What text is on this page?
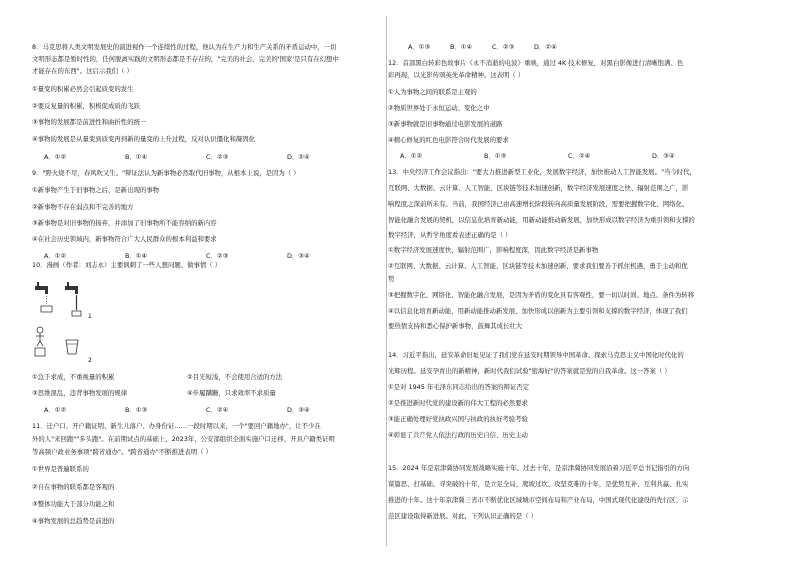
8．马克思将人类文明发展史的演进视作一个连续性的过程，他认为在生产力和生产关系的矛盾运动中，一切
文明形态都是暂时性的，任何脱离实践的文明形态都是不存在的，"完美的社会，完美的'国家'是只有在幻想中
才能存在的东西"。这启示我们（ ）
①量变的积累必然会引起质变的发生
②要反复量的积累，积极促成质的飞跃
③事物的发展都是前进性和曲折性的统一
④事物的发展是从量变到质变再到新的量变的上升过程，反对认识僵化和凝固化
A．①②	B．①④	C．②③	D．②④
9．"野火烧不尽，春风吹又生。"辩证法认为新事物必然取代旧事物，从根本上说，是因为（ ）
①新事物产生于旧事物之后，是新出现的事物
②新事物不存在弱点和不完善的地方
③新事物是对旧事物的扬弃，并添加了旧事物所不能容纳的新内容
④在社会历史领域内，新事物符合广大人民群众的根本利益和要求
A．①②	B．①④	C．②③	D．③④
10．漫画（作者：刘志永）主要讽刺了一些人想问题、做事情（ ）
1
2
①急于求成，不重视量的积累	②目光短浅，不会使用合适的方法
③思维混乱，违背事物发展的规律	④步履蹒跚，只求效率不求质量
A．①②	B．①③	C．②④	D．③④
11．迁户口、开户籍证明、新生儿落户、办身份证……一段时期以来，一个"要回户籍地办"，让不少在
外的人"来回跑""多头跑"。在前期试点的基础上，2023年，公安部组织全面实施户口迁移、开具户籍类证明
等高频户政业务事项"跨省通办"。"跨省通办"不断推进表明（ ）
①世界是普遍联系的
②自在事物的联系都是客观的
③整体功能大于部分功能之和
④事物发展的总趋势是前进的
A．①③	B．①④	C．②③	D．②④
12．首部黑白转彩色故事片《永不消逝的电波》重映，通过 4K 技术修复，对黑白影像进行清晰饱满、色
彩再现，以光影传颂英先革命精神。这表明（ ）
①人为事物之间的联系是主观的
②物质世界处于永恒运动、变化之中
③新事物就是旧事物通过电影发展的道路
④精心修复的红色电影符合时代发展的要求
A．①②	B．①③	C．②④	D．③④
13．中央经济工作会议指出："要大力推进新型工业化，发展数字经济，加快推动人工智能发展。"当今时代，
互联网、大数据、云计算、人工智能、区块链等技术加速创新，数字经济发展速度之快、辐射范围之广，影
响程度之深前所未有。当前，我国经济已由高速增长阶段转向高质量发展阶段，需要把握数字化、网络化、
智能化融合发展的契机，以信息化培育新动能，用新动能推动新发展，加快形成以数字经济为重引领和支撑的
数字经济，从哲学角度看表述正确的是（ ）
①数字经济发展速度快、辐射范围广，影响程度深，因此数字经济是新事物
②互联网、大数据、云计算、人工智能、区块链等技术加速创新，要求我们要善于抓住机遇，勇于主动和优
势
③把握数字化、网络化、智能化融合发展，是因为矛盾的变化具有客观性，要一切以时间、地点、条件为转移
④以信息化培育新动能，用新动能推动新发展，加快形成以创新为主要引领和支撑的数字经济，体现了我们
要热情支持和悉心保护新事物，鼓舞其成长壮大
14．习近平指出，延安革命旧址见证了我们党在延安时期领导中国革命、探索马克思主义中国化时代化的
光辉历程。延安孕育出的新精神，新时代我们试验"密海好"的答案就是党的自我革命。这一答案（ ）
①是对 1945 年毛泽东同志给出的答案的辩证否定
②是推进新时代党的建设新的伟大工程的必然要求
③能正确处理好党执政兴国与执政的执好考验考验
④彰显了共产党人依法行政的历史自信、历史主动
15．2024 年是京津冀协同发展战略实施十年。过去十年，是京津冀协同发展沿着习近平总书记指引的方向
谋篇思、打基础、寻突破的十年，是立足全局、爬坡过坎、攻坚克难的十年，是优势互补、互利共赢、扎实
推进的十年。这十年京津冀三省市不断优化区域城市空间布局和产业布局，中国式现代化建设的先行区、示
范区建设取得新进展。对此，下列认识正确的是（ ）
